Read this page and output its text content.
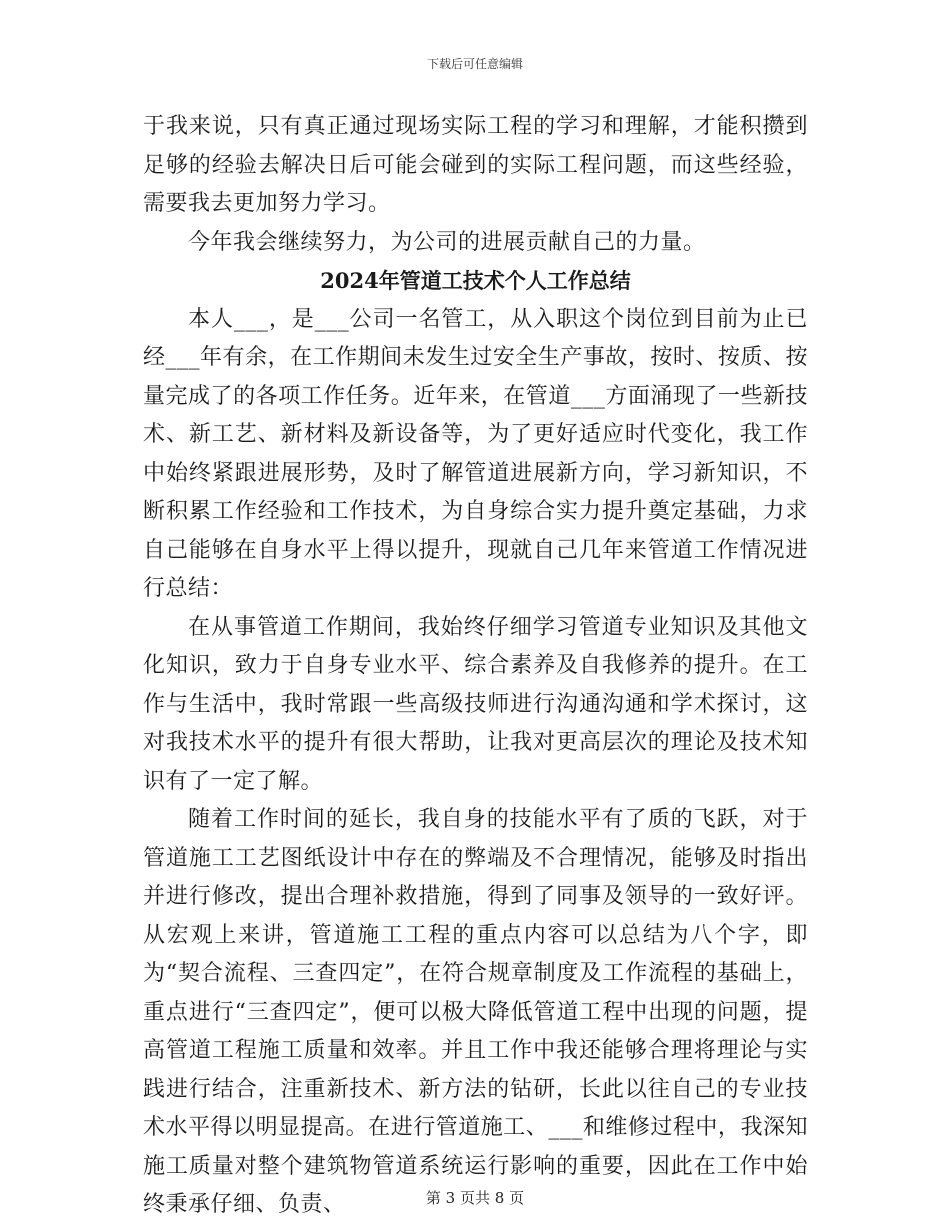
下载后可任意编辑

于我来说，只有真正通过现场实际工程的学习和理解，才能积攒到足够的经验去解决日后可能会碰到的实际工程问题，而这些经验，需要我去更加努力学习。

今年我会继续努力，为公司的进展贡献自己的力量。

2024年管道工技术个人工作总结

本人___，是___公司一名管工，从入职这个岗位到目前为止已经___年有余，在工作期间未发生过安全生产事故，按时、按质、按量完成了的各项工作任务。近年来，在管道___方面涌现了一些新技术、新工艺、新材料及新设备等，为了更好适应时代变化，我工作中始终紧跟进展形势，及时了解管道进展新方向，学习新知识，不断积累工作经验和工作技术，为自身综合实力提升奠定基础，力求自己能够在自身水平上得以提升，现就自己几年来管道工作情况进行总结：

在从事管道工作期间，我始终仔细学习管道专业知识及其他文化知识，致力于自身专业水平、综合素养及自我修养的提升。在工作与生活中，我时常跟一些高级技师进行沟通沟通和学术探讨，这对我技术水平的提升有很大帮助，让我对更高层次的理论及技术知识有了一定了解。

随着工作时间的延长，我自身的技能水平有了质的飞跃，对于管道施工工艺图纸设计中存在的弊端及不合理情况，能够及时指出并进行修改，提出合理补救措施，得到了同事及领导的一致好评。从宏观上来讲，管道施工工程的重点内容可以总结为八个字，即为“契合流程、三查四定”，在符合规章制度及工作流程的基础上，重点进行“三查四定”，便可以极大降低管道工程中出现的问题，提高管道工程施工质量和效率。并且工作中我还能够合理将理论与实践进行结合，注重新技术、新方法的钻研，长此以往自己的专业技术水平得以明显提高。在进行管道施工、___和维修过程中，我深知施工质量对整个建筑物管道系统运行影响的重要，因此在工作中始终秉承仔细、负责、	第 3 页共 8 页
